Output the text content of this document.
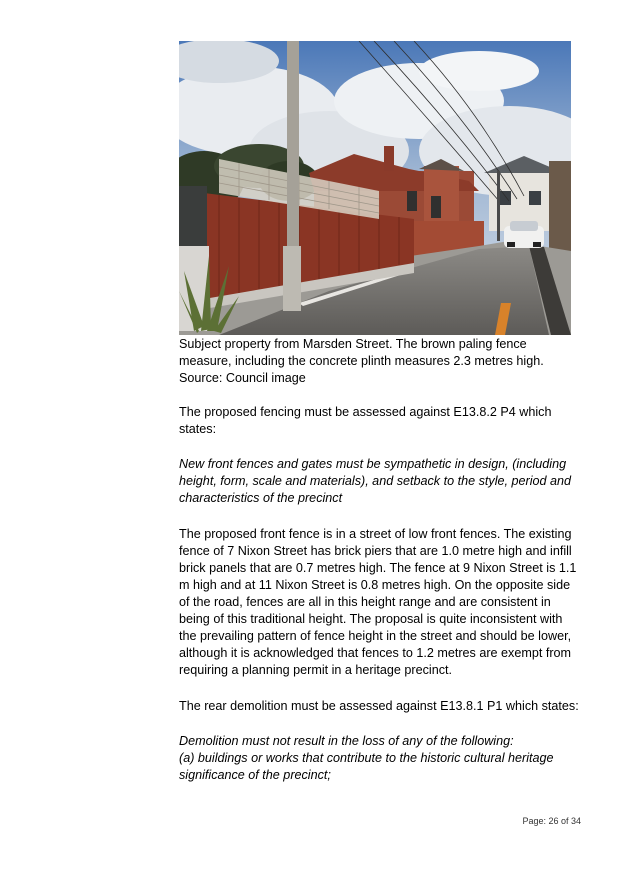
Subject property from Marsden Street. The brown paling fence measure, including the concrete plinth measures 2.3 metres high. Source: Council image

The proposed fencing must be assessed against E13.8.2 P4 which states:

New front fences and gates must be sympathetic in design, (including height, form, scale and materials), and setback to the style, period and characteristics of the precinct

The proposed front fence is in a street of low front fences. The existing fence of 7 Nixon Street has brick piers that are 1.0 metre high and infill brick panels that are 0.7 metres high. The fence at 9 Nixon Street is 1.1 m high and at 11 Nixon Street is 0.8 metres high. On the opposite side of the road, fences are all in this height range and are consistent in being of this traditional height. The proposal is quite inconsistent with the prevailing pattern of fence height in the street and should be lower, although it is acknowledged that fences to 1.2 metres are exempt from requiring a planning permit in a heritage precinct.

The rear demolition must be assessed against E13.8.1 P1 which states:

Demolition must not result in the loss of any of the following:
(a) buildings or works that contribute to the historic cultural heritage significance of the precinct;

Page: 26 of 34
